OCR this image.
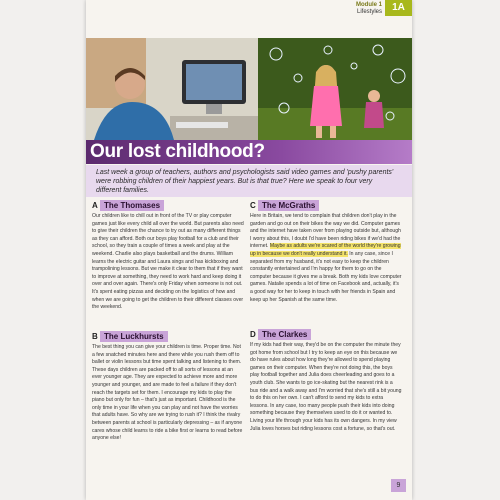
Module 1
Lifestyles	1A
Our lost childhood?
Last week a group of teachers, authors and psychologists said video games and 'pushy parents' were robbing children of their happiest years. But is that true? Here we speak to four very different families.
A The Thomases

Our children like to chill out in front of the TV or play computer games just like every child all over the world. But parents also need to give their children the chance to try out as many different things as they can afford. Both our boys play football for a club and their school, so they train a couple of times a week and play at the weekend. Charlie also plays basketball and the drums. William learns the electric guitar and Laura sings and has kickboxing and trampolining lessons. But we make it clear to them that if they want to improve at something, they need to work hard and keep doing it over and over again. There's only Friday when someone is not out. It's spent eating pizzas and deciding on the logistics of how and when we are going to get the children to their different classes over the weekend.

B The Luckhursts

The best thing you can give your children is time. Proper time. Not a few snatched minutes here and there while you rush them off to ballet or violin lessons but time spent talking and listening to them. These days children are packed off to all sorts of lessons at an ever younger age. They are expected to achieve more and more younger and younger, and are made to feel a failure if they don't reach the targets set for them. I encourage my kids to play the piano but only for fun – that's just as important. Childhood is the only time in your life when you can play and not have the worries that adults have. So why are we trying to rush it? I think the rivalry between parents at school is particularly depressing – as if anyone cares whose child learns to ride a bike first or learns to read before anyone else!

C The McGraths

Here in Britain, we tend to complain that children don't play in the garden and go out on their bikes the way we did. Computer games and the internet have taken over from playing outside but, although I worry about this, I doubt I'd have been riding bikes if we'd had the internet. Maybe as adults we're scared of the world they're growing up in because we don't really understand it. In any case, since I separated from my husband, it's not easy to keep the children constantly entertained and I'm happy for them to go on the computer because it gives me a break. Both my kids love computer games. Natalie spends a lot of time on Facebook and, actually, it's a good way for her to keep in touch with her friends in Spain and keep up her Spanish at the same time.

D The Clarkes

If my kids had their way, they'd be on the computer the minute they got home from school but I try to keep an eye on this because we do have rules about how long they're allowed to spend playing games on their computer. When they're not doing this, the boys play football together and Julia does cheerleading and goes to a youth club. She wants to go ice-skating but the nearest rink is a bus ride and a walk away and I'm worried that she's still a bit young to do this on her own. I can't afford to send my kids to extra lessons. In any case, too many people push their kids into doing something because they themselves used to do it or wanted to. Living your life through your kids has its own dangers. In my view Julia loves horses but riding lessons cost a fortune, so that's out.

9
